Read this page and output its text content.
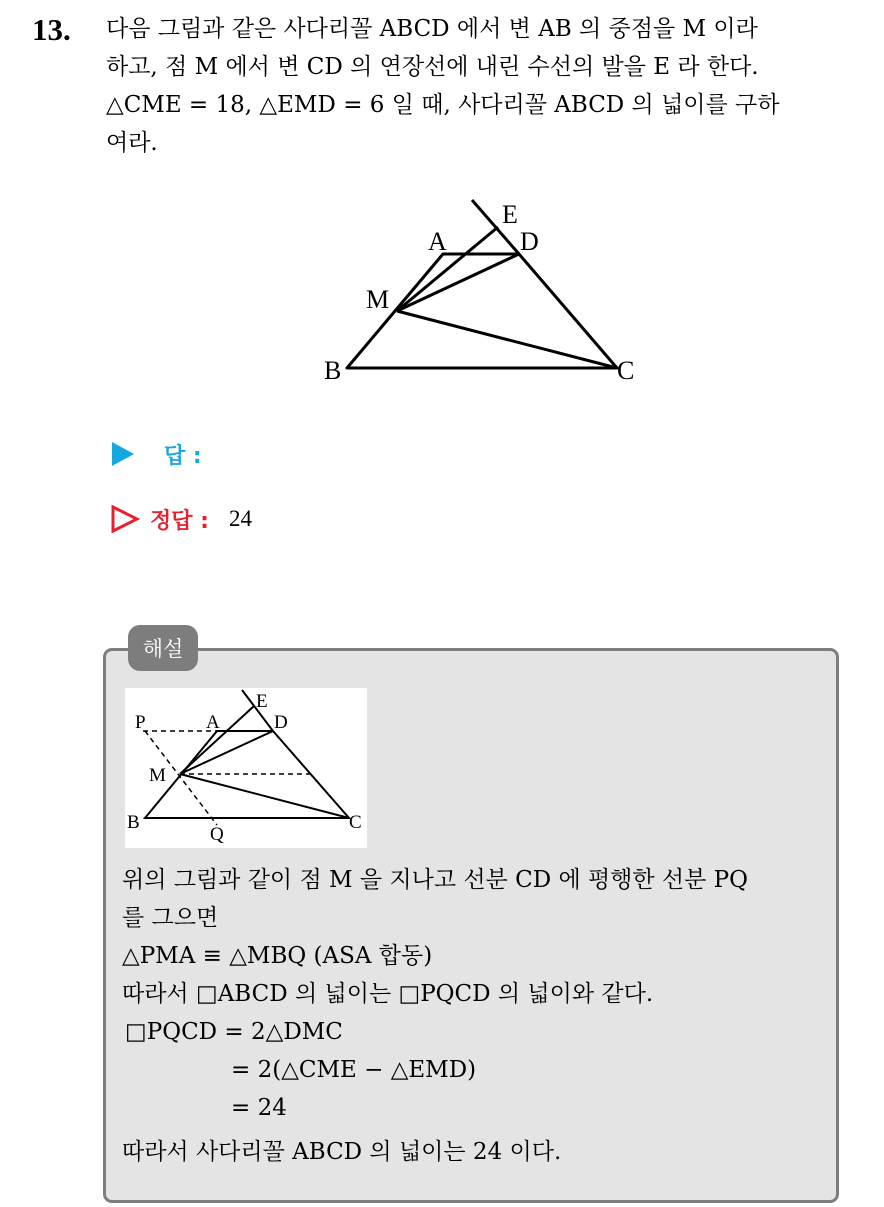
13. 다음 그림과 같은 사다리꼴 ABCD 에서 변 AB 의 중점을 M 이라
하고, 점 M 에서 변 CD 의 연장선에 내린 수선의 발을 E 라 한다.
△CME = 18, △EMD = 6 일 때, 사다리꼴 ABCD 의 넓이를 구하
여라.
E
A	D
M
B	C
답 :
정답 : 24
해설
E
P	A	D
M
B	C
Q
위의 그림과 같이 점 M 을 지나고 선분 CD 에 평행한 선분 PQ
를 그으면
△PMA ≡ △MBQ (ASA 합동)
따라서 □ABCD 의 넓이는 □PQCD 의 넓이와 같다.
□PQCD = 2△DMC
= 2(△CME − △EMD)
= 24
따라서 사다리꼴 ABCD 의 넓이는 24 이다.
